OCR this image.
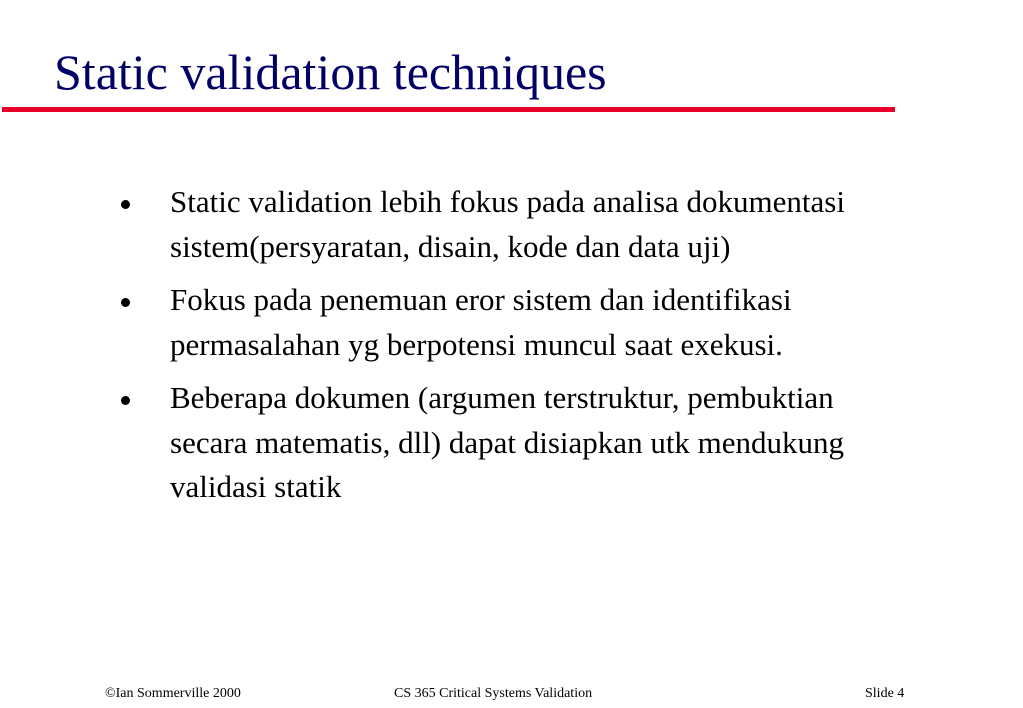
Static validation techniques
Static validation lebih fokus pada analisa dokumentasi sistem(persyaratan, disain, kode dan data uji)
Fokus pada penemuan eror sistem dan identifikasi permasalahan yg berpotensi muncul saat exekusi.
Beberapa dokumen (argumen terstruktur, pembuktian secara matematis, dll) dapat disiapkan utk mendukung validasi statik
©Ian Sommerville 2000	CS 365 Critical Systems Validation	Slide 4
